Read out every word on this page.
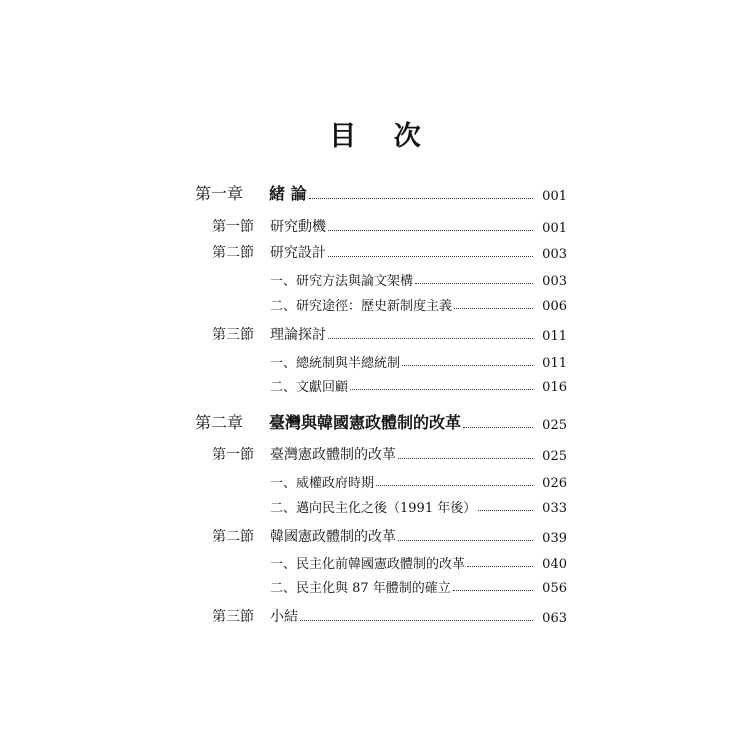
目 次
第一章	緒 論	001
第一節	研究動機	001
第二節	研究設計	003
一、研究方法與論文架構	003
二、研究途徑：歷史新制度主義	006
第三節	理論探討	011
一、總統制與半總統制	011
二、文獻回顧	016
第二章	臺灣與韓國憲政體制的改革	025
第一節	臺灣憲政體制的改革	025
一、威權政府時期	026
二、邁向民主化之後（1991 年後）	033
第二節	韓國憲政體制的改革	039
一、民主化前韓國憲政體制的改革	040
二、民主化與 87 年體制的確立	056
第三節	小結	063
